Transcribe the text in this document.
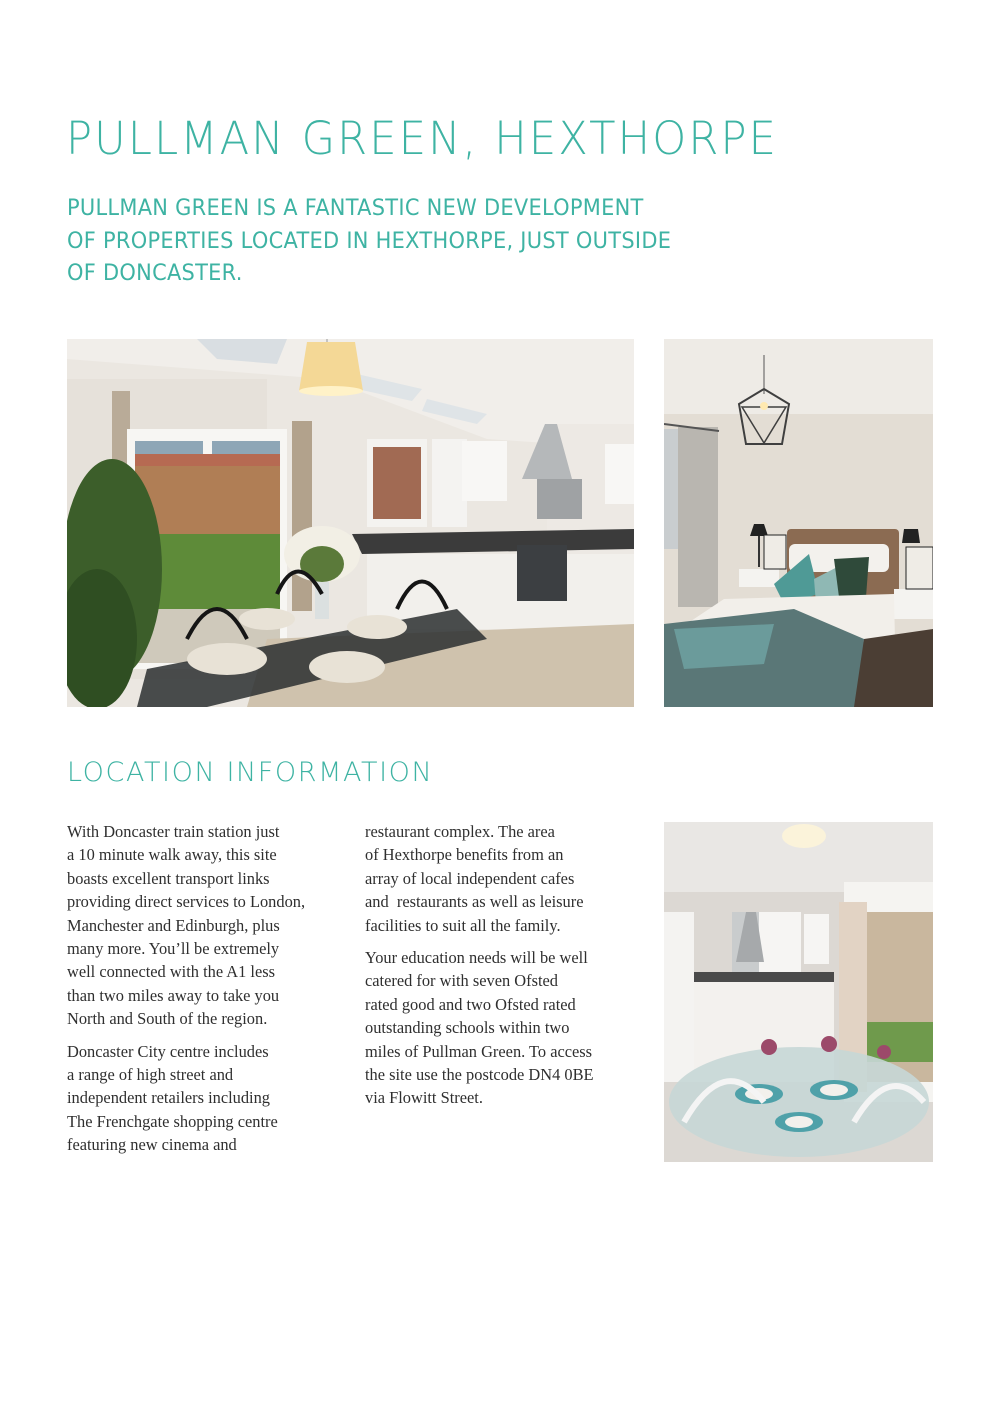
PULLMAN GREEN, HEXTHORPE
PULLMAN GREEN IS A FANTASTIC NEW DEVELOPMENT
OF PROPERTIES LOCATED IN HEXTHORPE, JUST OUTSIDE
OF DONCASTER.
LOCATION INFORMATION

With Doncaster train station just
a 10 minute walk away, this site
boasts excellent transport links
providing direct services to London,
Manchester and Edinburgh, plus
many more. You’ll be extremely
well connected with the A1 less
than two miles away to take you
North and South of the region.

Doncaster City centre includes
a range of high street and
independent retailers including
The Frenchgate shopping centre
featuring new cinema and

restaurant complex. The area
of Hexthorpe benefits from an
array of local independent cafes
and  restaurants as well as leisure
facilities to suit all the family.

Your education needs will be well
catered for with seven Ofsted
rated good and two Ofsted rated
outstanding schools within two
miles of Pullman Green. To access
the site use the postcode DN4 0BE
via Flowitt Street.
